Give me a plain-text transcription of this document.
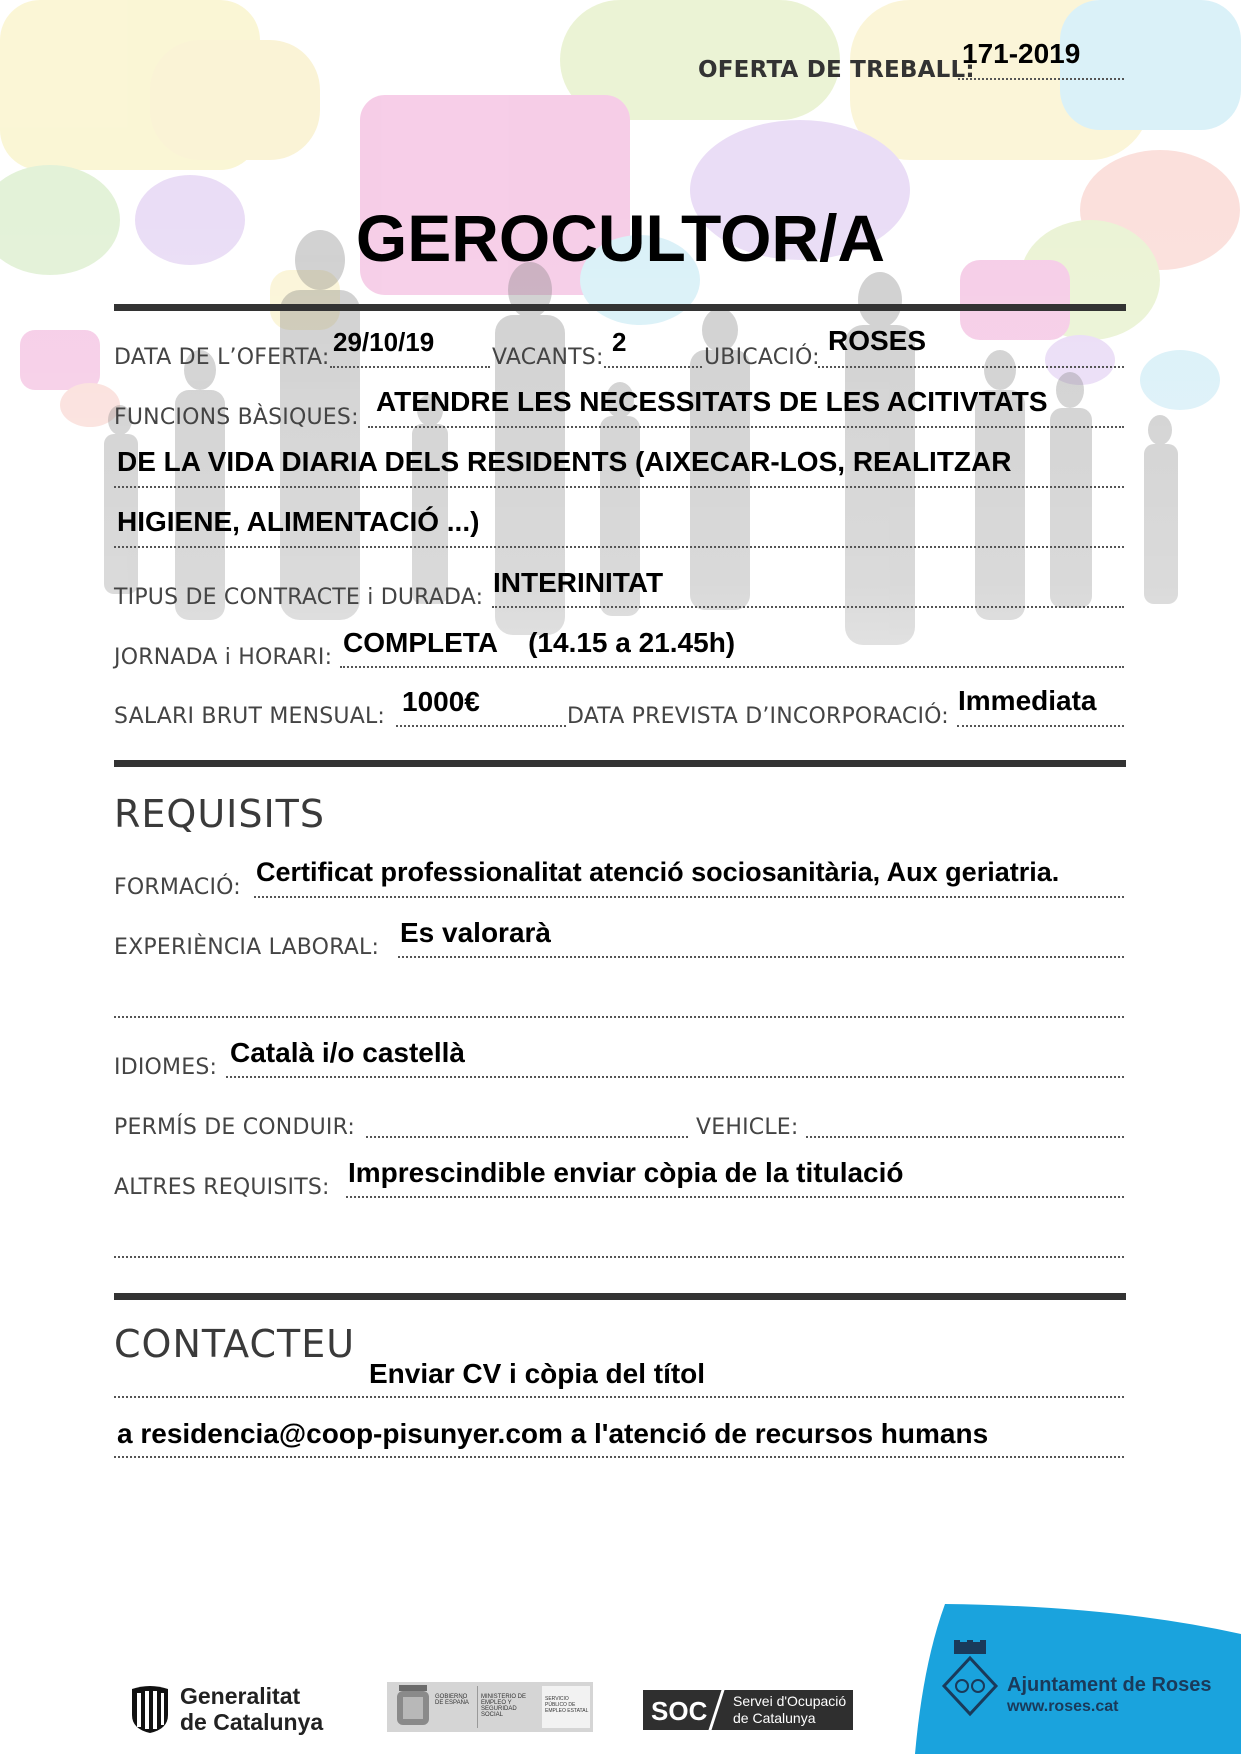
OFERTA DE TREBALL:
171-2019
GEROCULTOR/A
DATA DE L’OFERTA:
29/10/19
VACANTS:
2
UBICACIÓ:
ROSES
FUNCIONS BÀSIQUES:
ATENDRE LES NECESSITATS DE LES ACITIVTATS
DE LA VIDA DIARIA DELS RESIDENTS (AIXECAR-LOS, REALITZAR
HIGIENE, ALIMENTACIÓ ...)
TIPUS DE CONTRACTE i DURADA: INTERINITAT
JORNADA i HORARI: COMPLETA    (14.15 a 21.45h)
SALARI BRUT MENSUAL: 1000€	DATA PREVISTA D’INCORPORACIÓ:
Immediata
REQUISITS
FORMACIÓ:
Certificat professionalitat atenció sociosanitària, Aux geriatria.
EXPERIÈNCIA LABORAL: Es valorarà
IDIOMES: Català i/o castellà
PERMÍS DE CONDUIR:	VEHICLE:
ALTRES REQUISITS: Imprescindible enviar còpia de la titulació
CONTACTEU
Enviar CV i còpia del títol
a residencia@coop-pisunyer.com a l'atenció de recursos humans
Generalitat
de Catalunya
GOBIERNO DE ESPAÑA
MINISTERIO DE EMPLEO Y SEGURIDAD SOCIAL
SERVICIO PÚBLICO DE EMPLEO ESTATAL SOC Servei d'Ocupació
de Catalunya
Ajuntament de Roses
www.roses.cat
